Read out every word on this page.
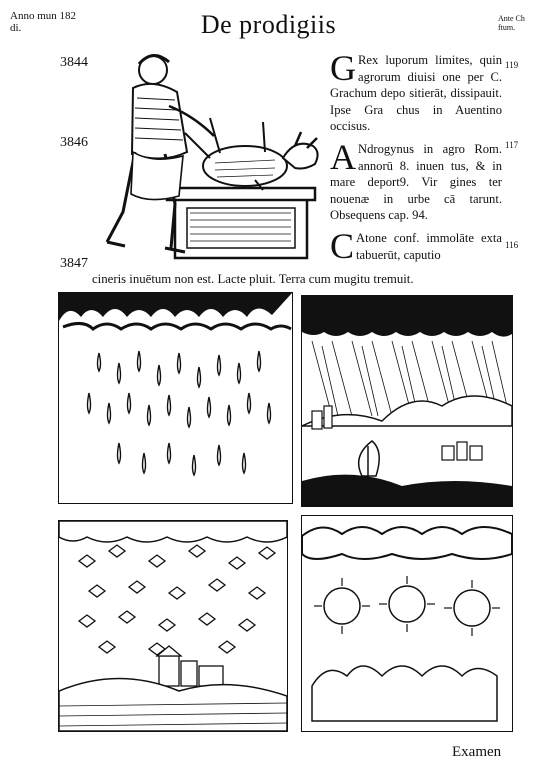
Anno mun 182
di.	De prodigiis	Ante Ch
ftum.
3844
3846
3847

G Rex luporum limites, quin agrorum diuisi one per C. Grachum depo sitierāt, dissipauit. Ipse Gra chus in Auentino occisus.

A Ndrogynus in agro Rom. annorū 8. inuen tus, & in mare deport9. Vir gines ter nouenæ in urbe cā tarunt. Obsequens cap. 94.

C Atone conf. immolāte exta tabuerūt, caputio

119
117
116
cineris inuētum non est. Lacte pluit. Terra cum mugitu tremuit.
Examen
